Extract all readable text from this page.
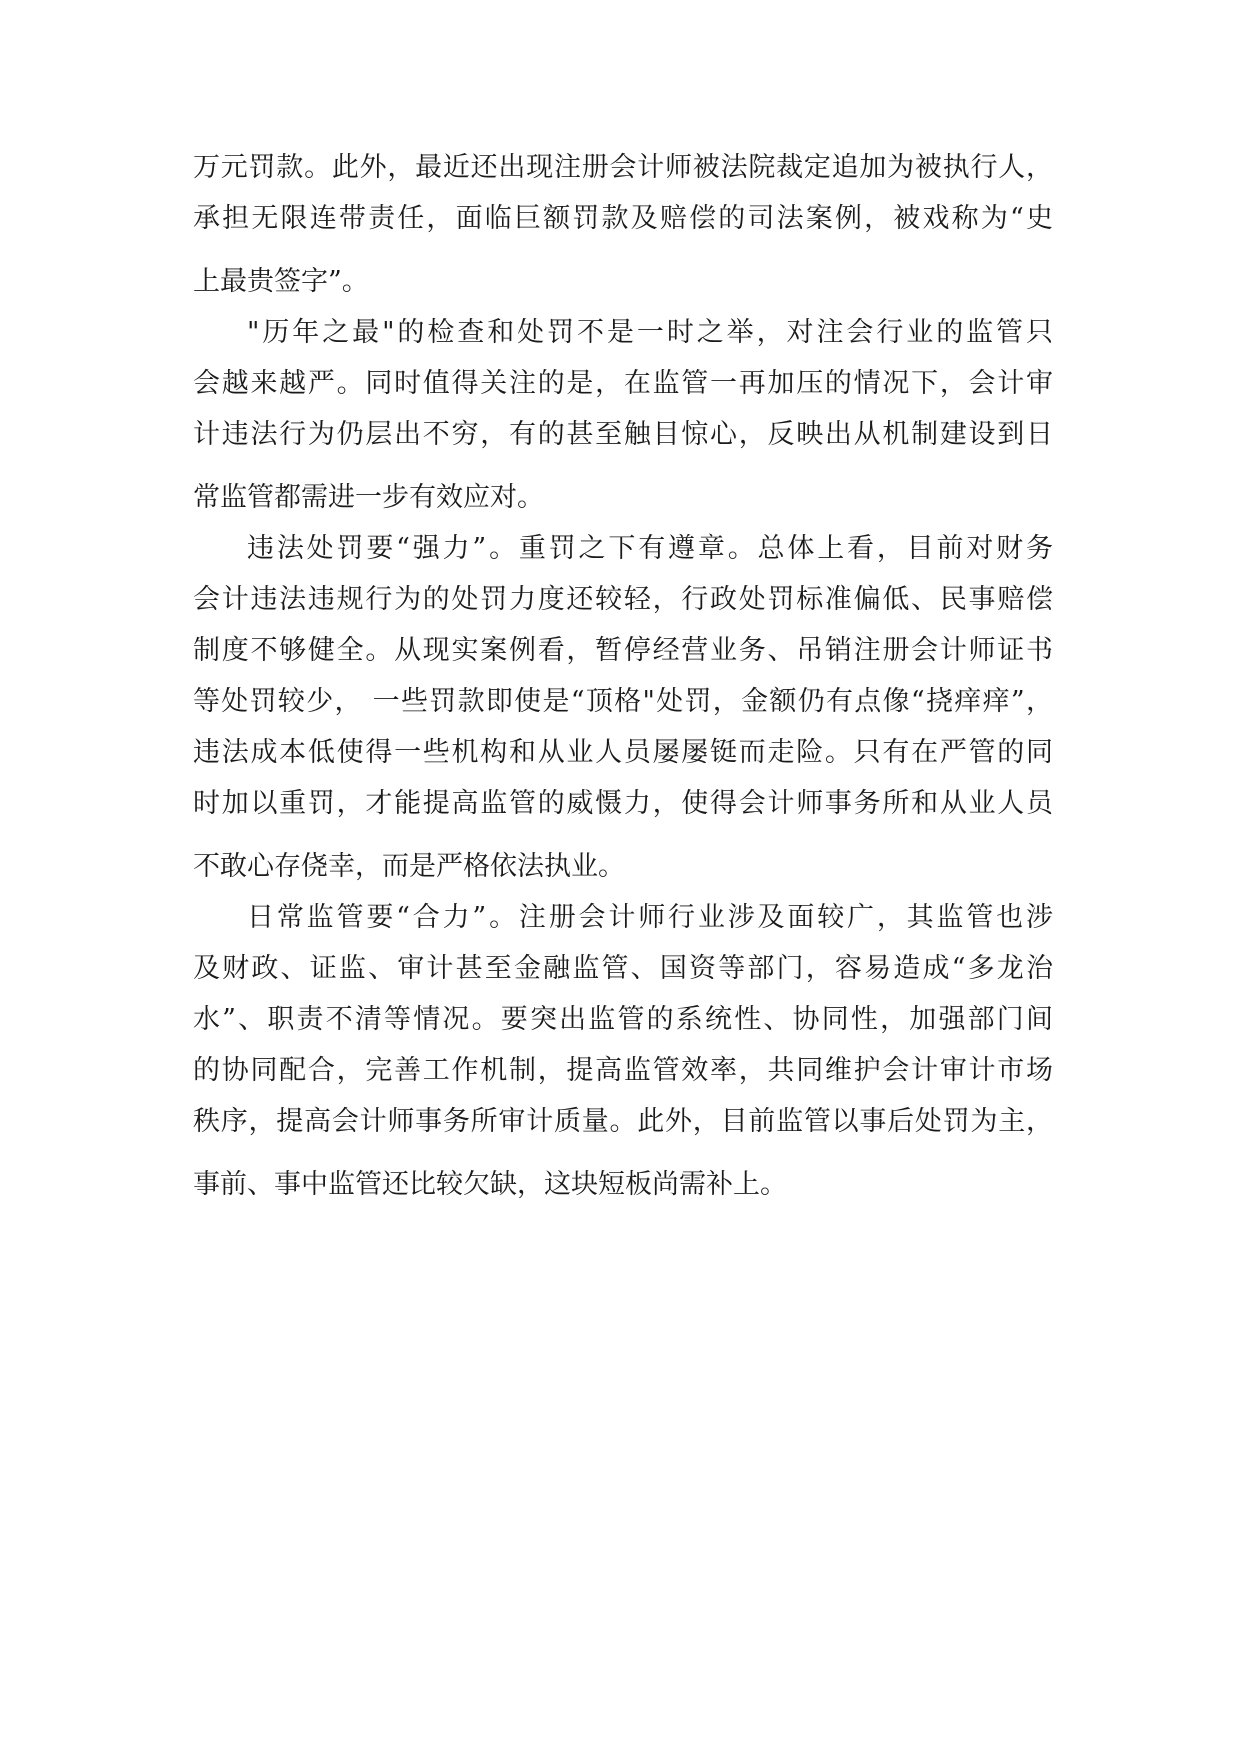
万元罚款。此外，最近还出现注册会计师被法院裁定追加为被执行人，
承担无限连带责任，面临巨额罚款及赔偿的司法案例，被戏称为“史
上最贵签字”。
"历年之最"的检查和处罚不是一时之举，对注会行业的监管只
会越来越严。同时值得关注的是，在监管一再加压的情况下，会计审
计违法行为仍层出不穷，有的甚至触目惊心，反映出从机制建设到日
常监管都需进一步有效应对。
违法处罚要“强力”。重罚之下有遵章。总体上看，目前对财务
会计违法违规行为的处罚力度还较轻，行政处罚标准偏低、民事赔偿
制度不够健全。从现实案例看，暂停经营业务、吊销注册会计师证书
等处罚较少， 一些罚款即使是“顶格"处罚，金额仍有点像“挠痒痒”，
违法成本低使得一些机构和从业人员屡屡铤而走险。只有在严管的同
时加以重罚，才能提高监管的威慑力，使得会计师事务所和从业人员
不敢心存侥幸，而是严格依法执业。
日常监管要“合力”。注册会计师行业涉及面较广，其监管也涉
及财政、证监、审计甚至金融监管、国资等部门，容易造成“多龙治
水”、职责不清等情况。要突出监管的系统性、协同性，加强部门间
的协同配合，完善工作机制，提高监管效率，共同维护会计审计市场
秩序，提高会计师事务所审计质量。此外，目前监管以事后处罚为主，
事前、事中监管还比较欠缺，这块短板尚需补上。
